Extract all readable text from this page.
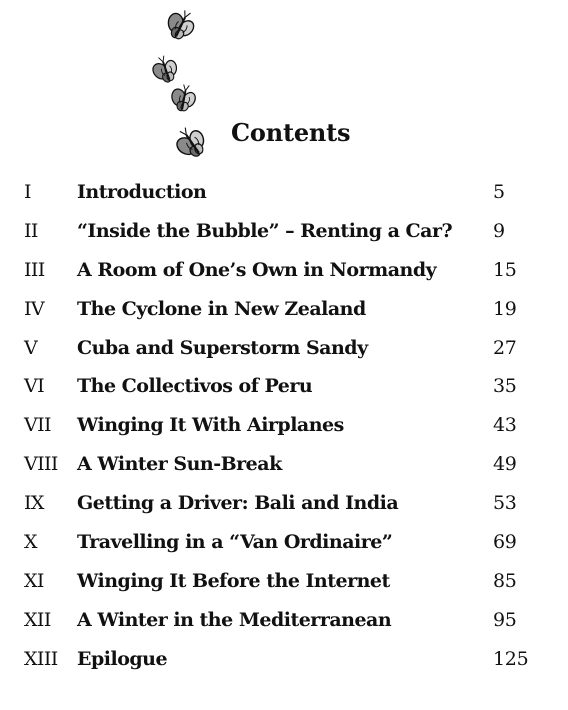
Contents
I Introduction	5
II “Inside the Bubble” – Renting a Car? 9
III A Room of One’s Own in Normandy	15
IV The Cyclone in New Zealand	19
V Cuba and Superstorm Sandy	27
VI The Collectivos of Peru	35
VII Winging It With Airplanes	43
VIII A Winter Sun-Break	49
IX Getting a Driver: Bali and India	53
X Travelling in a “Van Ordinaire”	69
XI Winging It Before the Internet	85
XII A Winter in the Mediterranean	95
XIII Epilogue	125
